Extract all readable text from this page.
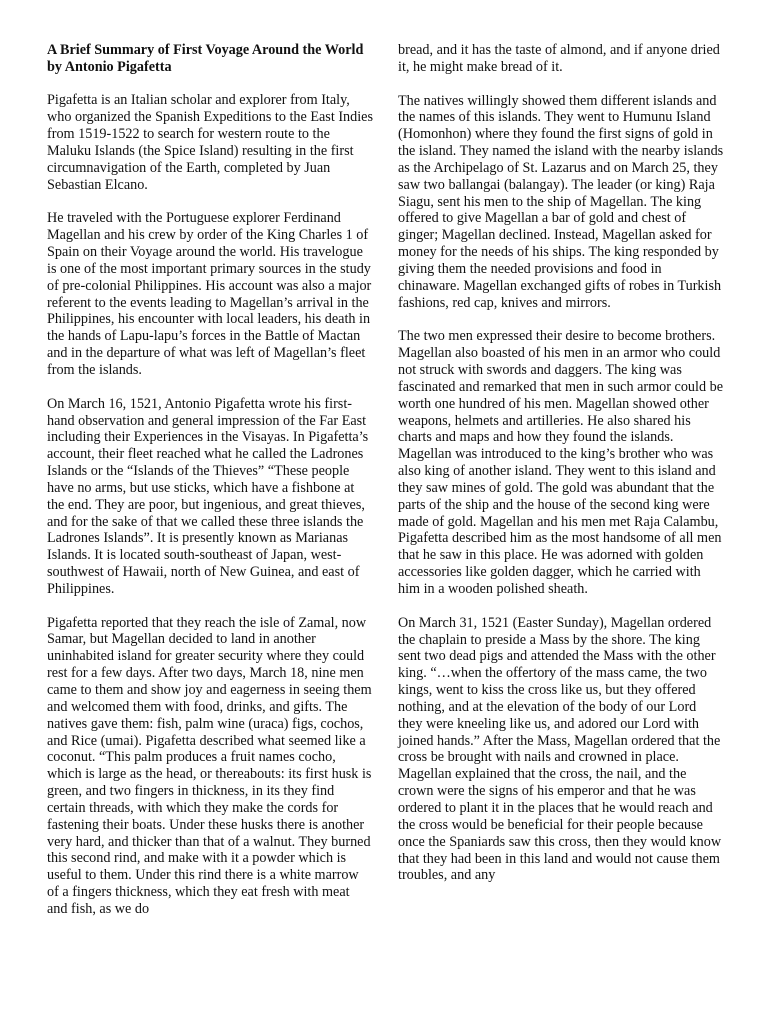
A Brief Summary of First Voyage Around the World by Antonio Pigafetta

Pigafetta is an Italian scholar and explorer from Italy, who organized the Spanish Expeditions to the East Indies from 1519-1522 to search for western route to the Maluku Islands (the Spice Island) resulting in the first circumnavigation of the Earth, completed by Juan Sebastian Elcano.

He traveled with the Portuguese explorer Ferdinand Magellan and his crew by order of the King Charles 1 of Spain on their Voyage around the world. His travelogue is one of the most important primary sources in the study of pre-colonial Philippines. His account was also a major referent to the events leading to Magellan’s arrival in the Philippines, his encounter with local leaders, his death in the hands of Lapu-lapu’s forces in the Battle of Mactan and in the departure of what was left of Magellan’s fleet from the islands.

On March 16, 1521, Antonio Pigafetta wrote his first-hand observation and general impression of the Far East including their Experiences in the Visayas. In Pigafetta’s account, their fleet reached what he called the Ladrones Islands or the “Islands of the Thieves” “These people have no arms, but use sticks, which have a fishbone at the end. They are poor, but ingenious, and great thieves, and for the sake of that we called these three islands the Ladrones Islands”. It is presently known as Marianas Islands. It is located south-southeast of Japan, west-southwest of Hawaii, north of New Guinea, and east of Philippines.

Pigafetta reported that they reach the isle of Zamal, now Samar, but Magellan decided to land in another uninhabited island for greater security where they could rest for a few days. After two days, March 18, nine men came to them and show joy and eagerness in seeing them and welcomed them with food, drinks, and gifts. The natives gave them: fish, palm wine (uraca) figs, cochos, and Rice (umai). Pigafetta described what seemed like a coconut. “This palm produces a fruit names cocho, which is large as the head, or thereabouts: its first husk is green, and two fingers in thickness, in its they find certain threads, with which they make the cords for fastening their boats. Under these husks there is another very hard, and thicker than that of a walnut. They burned this second rind, and make with it a powder which is useful to them. Under this rind there is a white marrow of a fingers thickness, which they eat fresh with meat and fish, as we do

bread, and it has the taste of almond, and if anyone dried it, he might make bread of it.

The natives willingly showed them different islands and the names of this islands. They went to Humunu Island (Homonhon) where they found the first signs of gold in the island. They named the island with the nearby islands as the Archipelago of St. Lazarus and on March 25, they saw two ballangai (balangay). The leader (or king) Raja Siagu, sent his men to the ship of Magellan. The king offered to give Magellan a bar of gold and chest of ginger; Magellan declined. Instead, Magellan asked for money for the needs of his ships. The king responded by giving them the needed provisions and food in chinaware. Magellan exchanged gifts of robes in Turkish fashions, red cap, knives and mirrors.

The two men expressed their desire to become brothers. Magellan also boasted of his men in an armor who could not struck with swords and daggers. The king was fascinated and remarked that men in such armor could be worth one hundred of his men. Magellan showed other weapons, helmets and artilleries. He also shared his charts and maps and how they found the islands. Magellan was introduced to the king’s brother who was also king of another island. They went to this island and they saw mines of gold. The gold was abundant that the parts of the ship and the house of the second king were made of gold. Magellan and his men met Raja Calambu, Pigafetta described him as the most handsome of all men that he saw in this place. He was adorned with golden accessories like golden dagger, which he carried with him in a wooden polished sheath.

On March 31, 1521 (Easter Sunday), Magellan ordered the chaplain to preside a Mass by the shore. The king sent two dead pigs and attended the Mass with the other king. “…when the offertory of the mass came, the two kings, went to kiss the cross like us, but they offered nothing, and at the elevation of the body of our Lord they were kneeling like us, and adored our Lord with joined hands.” After the Mass, Magellan ordered that the cross be brought with nails and crowned in place. Magellan explained that the cross, the nail, and the crown were the signs of his emperor and that he was ordered to plant it in the places that he would reach and the cross would be beneficial for their people because once the Spaniards saw this cross, then they would know that they had been in this land and would not cause them troubles, and any
